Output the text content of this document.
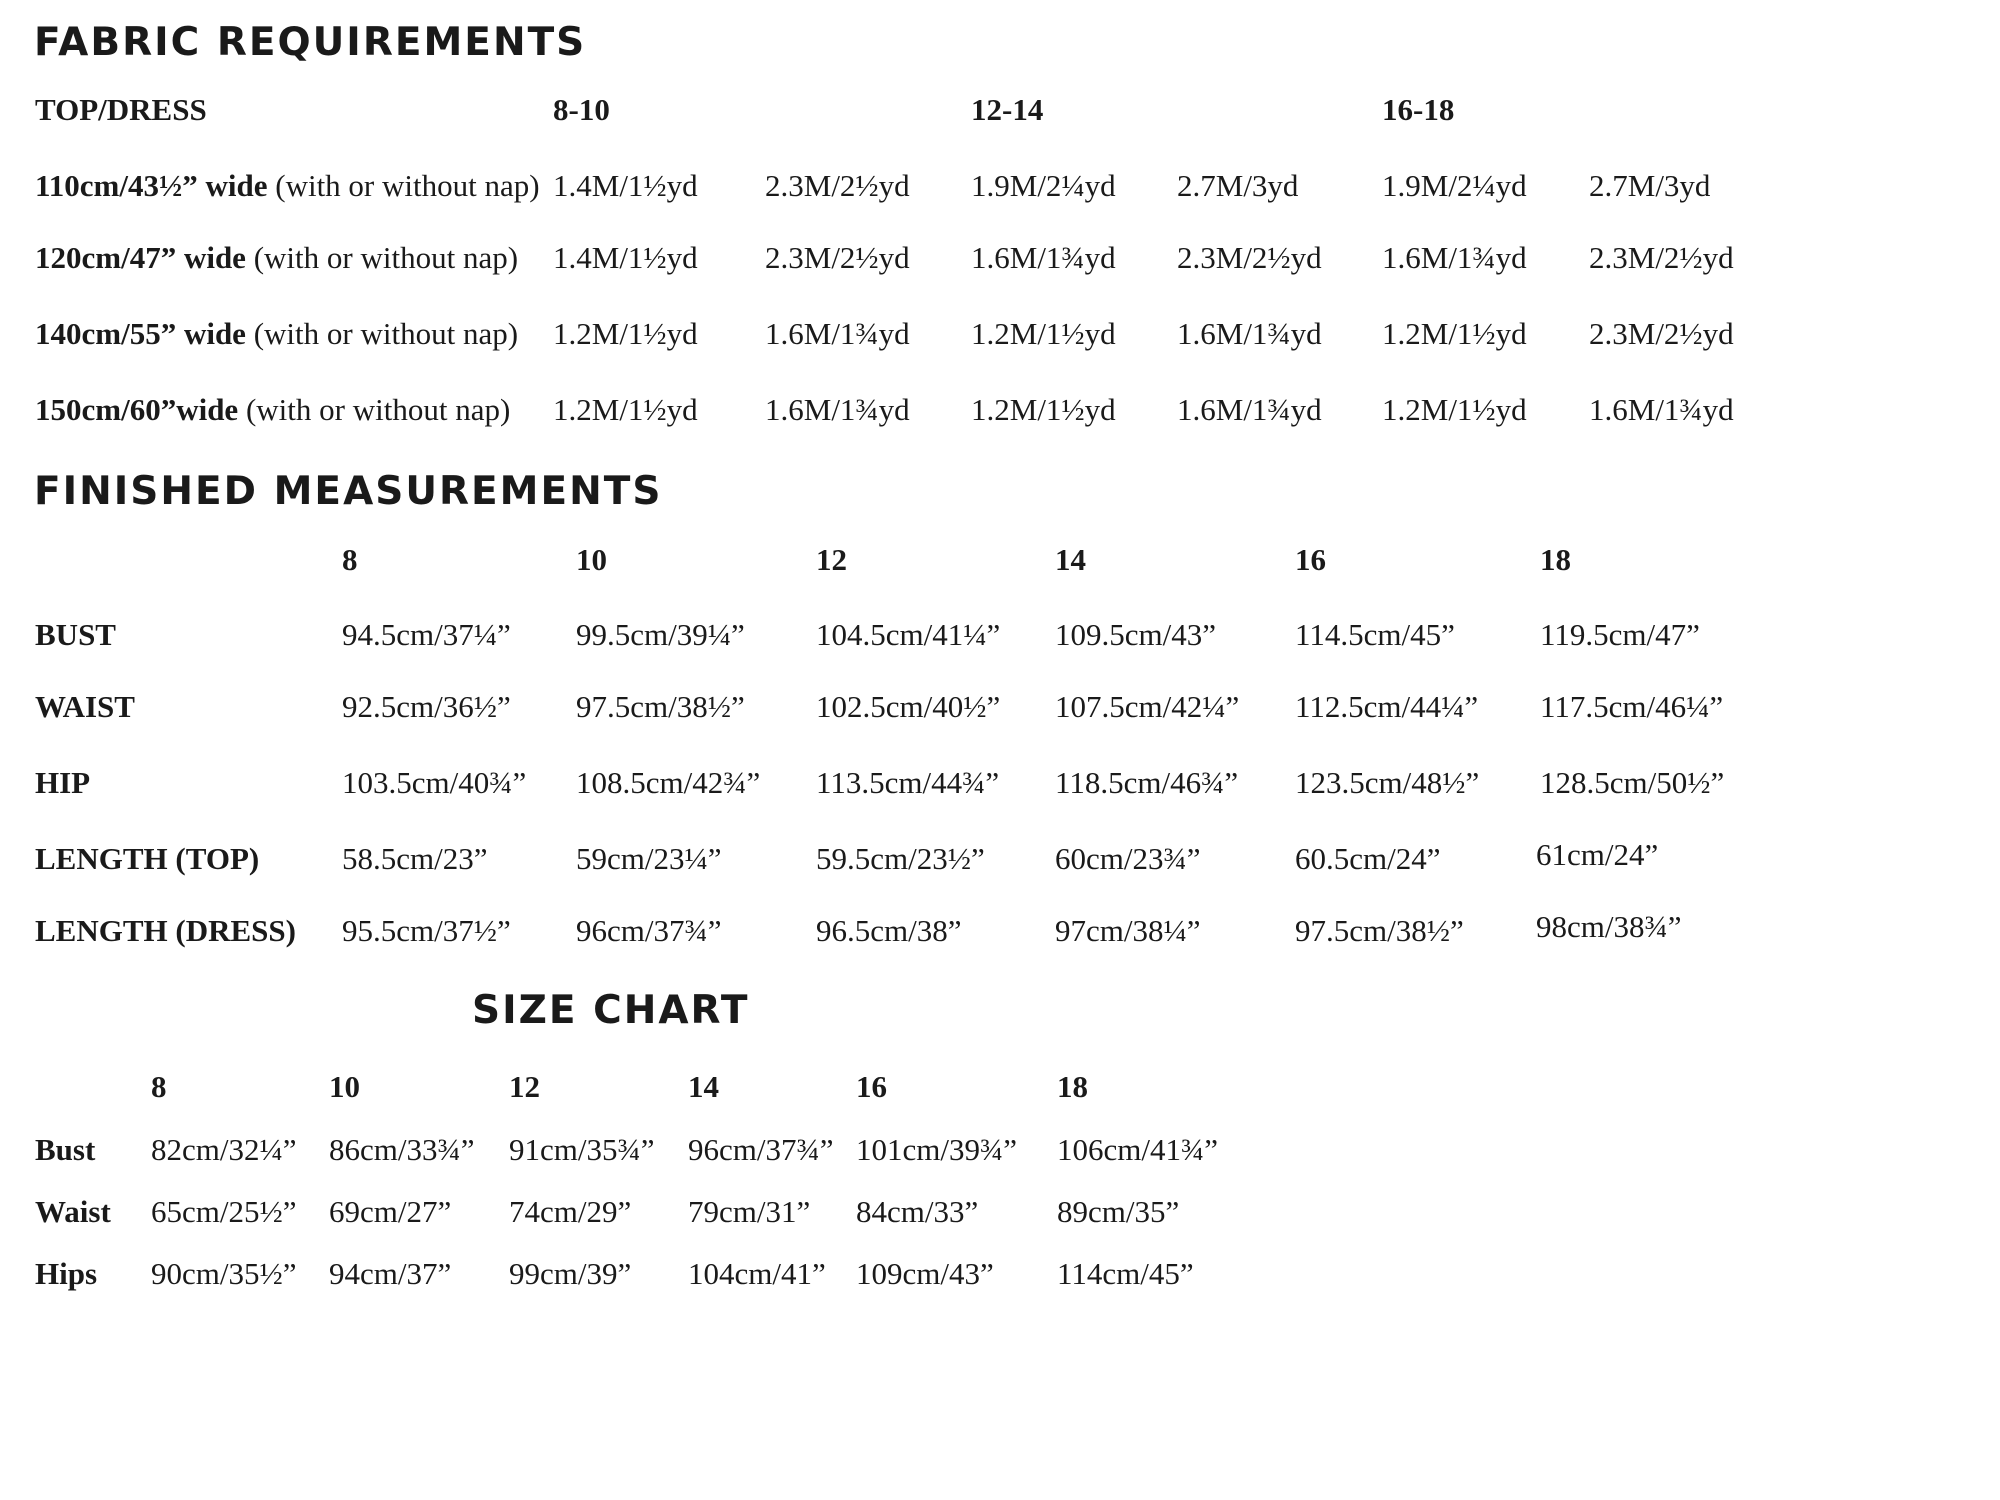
FABRIC REQUIREMENTS
TOP/DRESS	8-10	12-14	16-18
110cm/43½” wide (with or without nap) 1.4M/1½yd 2.3M/2½yd 1.9M/2¼yd 2.7M/3yd	1.9M/2¼yd 2.7M/3yd
120cm/47” wide (with or without nap) 1.4M/1½yd 2.3M/2½yd 1.6M/1¾yd 2.3M/2½yd 1.6M/1¾yd 2.3M/2½yd
140cm/55” wide (with or without nap) 1.2M/1½yd 1.6M/1¾yd 1.2M/1½yd 1.6M/1¾yd 1.2M/1½yd 2.3M/2½yd
150cm/60”wide (with or without nap) 1.2M/1½yd 1.6M/1¾yd 1.2M/1½yd 1.6M/1¾yd 1.2M/1½yd 1.6M/1¾yd
FINISHED MEASUREMENTS
8	10	12	14	16	18
BUST	94.5cm/37¼” 99.5cm/39¼” 104.5cm/41¼” 109.5cm/43”	114.5cm/45”	119.5cm/47”
WAIST	92.5cm/36½” 97.5cm/38½” 102.5cm/40½” 107.5cm/42¼” 112.5cm/44¼” 117.5cm/46¼”
HIP	103.5cm/40¾” 108.5cm/42¾” 113.5cm/44¾” 118.5cm/46¾” 123.5cm/48½” 128.5cm/50½”
LENGTH (TOP)	58.5cm/23”	59cm/23¼”	59.5cm/23½” 60cm/23¾”	60.5cm/24”	61cm/24”
LENGTH (DRESS) 95.5cm/37½” 96cm/37¾”	96.5cm/38”	97cm/38¼”	97.5cm/38½” 98cm/38¾”
SIZE CHART
8	10	12	14	16	18
Bust 82cm/32¼” 86cm/33¾” 91cm/35¾” 96cm/37¾” 101cm/39¾” 106cm/41¾”
Waist 65cm/25½” 69cm/27” 74cm/29” 79cm/31” 84cm/33”	89cm/35”
Hips 90cm/35½” 94cm/37” 99cm/39” 104cm/41” 109cm/43” 114cm/45”
